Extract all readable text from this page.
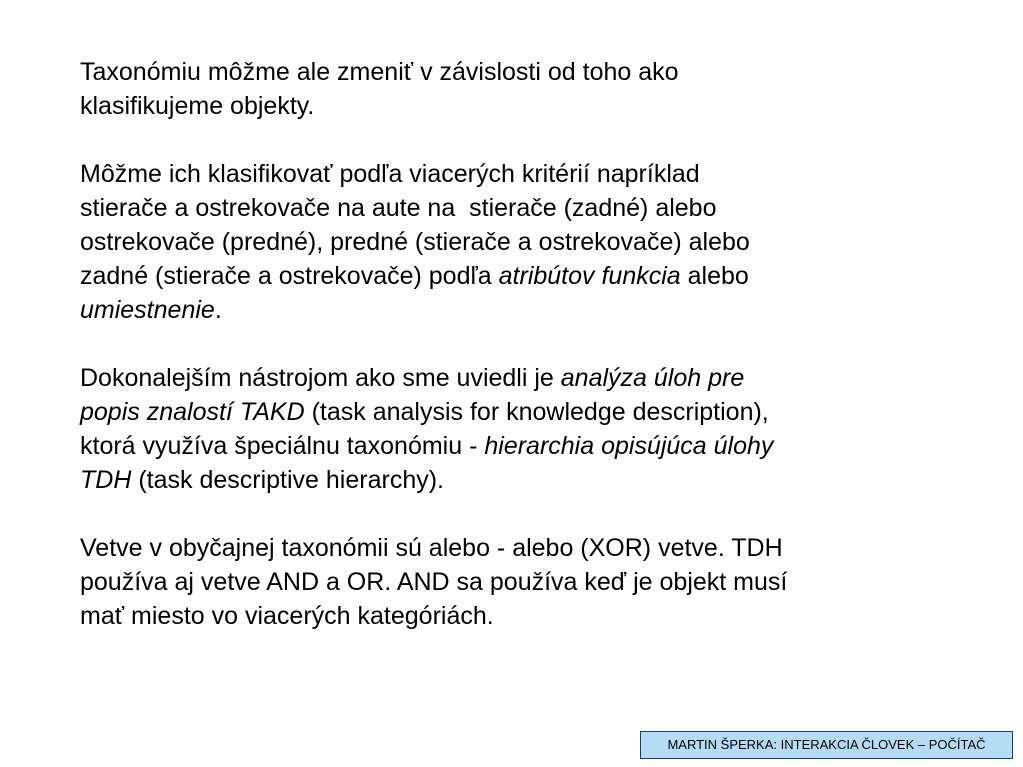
Taxonómiu môžme ale zmeniť v závislosti od toho ako
klasifikujeme objekty.

Môžme ich klasifikovať podľa viacerých kritérií napríklad
stierače a ostrekovače na aute na  stierače (zadné) alebo
ostrekovače (predné), predné (stierače a ostrekovače) alebo
zadné (stierače a ostrekovače) podľa atribútov funkcia alebo
umiestnenie.

Dokonalejším nástrojom ako sme uviedli je analýza úloh pre
popis znalostí TAKD (task analysis for knowledge description),
ktorá využíva špeciálnu taxonómiu - hierarchia opisújúca úlohy
TDH (task descriptive hierarchy).

Vetve v obyčajnej taxonómii sú alebo - alebo (XOR) vetve. TDH
používa aj vetve AND a OR. AND sa používa keď je objekt musí
mať miesto vo viacerých kategóriách.

MARTIN ŠPERKA: INTERAKCIA ČLOVEK – POČÍTAČ
